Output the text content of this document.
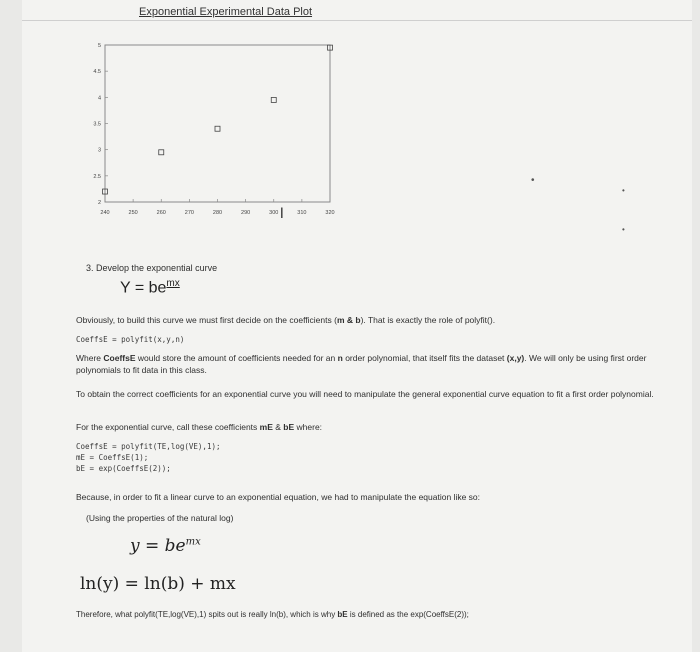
Exponential Experimental Data Plot
240	250	260	270	280	290	300	310	320
2
2.5
3
3.5
4
4.5
5
I
•
•
•
3. Develop the exponential curve
$Y = be^{mx}$
Obviously, to build this curve we must first decide on the coefficients (m & b). That is exactly the role of polyfit().
CoeffsE = polyfit(x,y,n)
Where CoeffsE would store the amount of coefficients needed for an n order polynomial, that itself fits the dataset (x,y). We will only be using first order polynomials to fit data in this class.
To obtain the correct coefficients for an exponential curve you will need to manipulate the general exponential curve equation to fit a first order polynomial.
For the exponential curve, call these coefficients mE & bE where:
CoeffsE = polyfit(TE,log(VE),1);
mE = CoeffsE(1);
bE = exp(CoeffsE(2));
Because, in order to fit a linear curve to an exponential equation, we had to manipulate the equation like so:
(Using the properties of the natural log)
$y = be^{mx}$
ln(y) = ln(b) + mx
Therefore, what polyfit(TE,log(VE),1) spits out is really ln(b), which is why bE is defined as the exp(CoeffsE(2));
